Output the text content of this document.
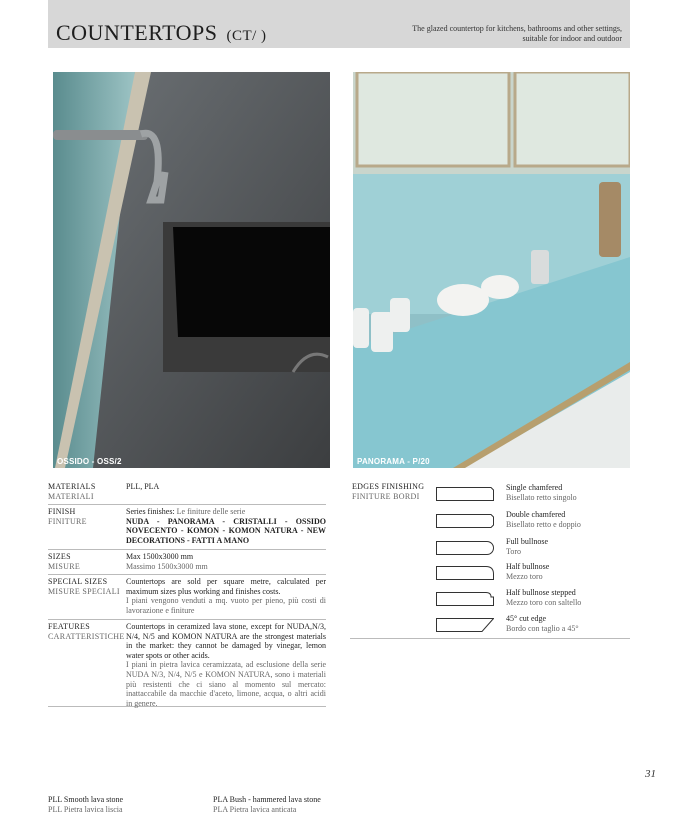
COUNTERTOPS (CT/ )	The glazed countertop for kitchens, bathrooms and other settings,
suitable for indoor and outdoor
OSSIDO - OSS/2	PANORAMA - P/20
MATERIALS
MATERIALI
PLL, PLA
FINISH
FINITURE
Series finishes: Le finiture delle serie
NUDA - PANORAMA - CRISTALLI - OSSIDO NOVECENTO - KOMON - KOMON NATURA - NEW DECORATIONS - FATTI A MANO
SIZES
MISURE
Max 1500x3000 mm
Massimo 1500x3000 mm
SPECIAL SIZES
MISURE SPECIALI
Countertops are sold per square metre, calculated per maximum sizes plus working and finishes costs.
I piani vengono venduti a mq. vuoto per pieno, più costi di lavorazione e finiture
FEATURES
CARATTERISTICHE
Countertops in ceramized lava stone, except for NUDA,N/3, N/4, N/5 and KOMON NATURA are the strongest materials in the market: they cannot be damaged by vinegar, lemon water spots or other acids.
I piani in pietra lavica ceramizzata, ad esclusione della serie NUDA N/3, N/4, N/5 e KOMON NATURA, sono i materiali più resistenti che ci siano al momento sul mercato: inattaccabile da macchie d'aceto, limone, acqua, o altri acidi in genere.
EDGES FINISHING
FINITURE BORDI
Single chamfered
Bisellato retto singolo
Double chamfered
Bisellato retto e doppio
Full bullnose
Toro
Half bullnose
Mezzo toro
Half bullnose stepped
Mezzo toro con saltello
45° cut edge
Bordo con taglio a 45°
31
PLL Smooth lava stone
PLL Pietra lavica liscia
PLA Bush - hammered lava stone
PLA Pietra lavica anticata
